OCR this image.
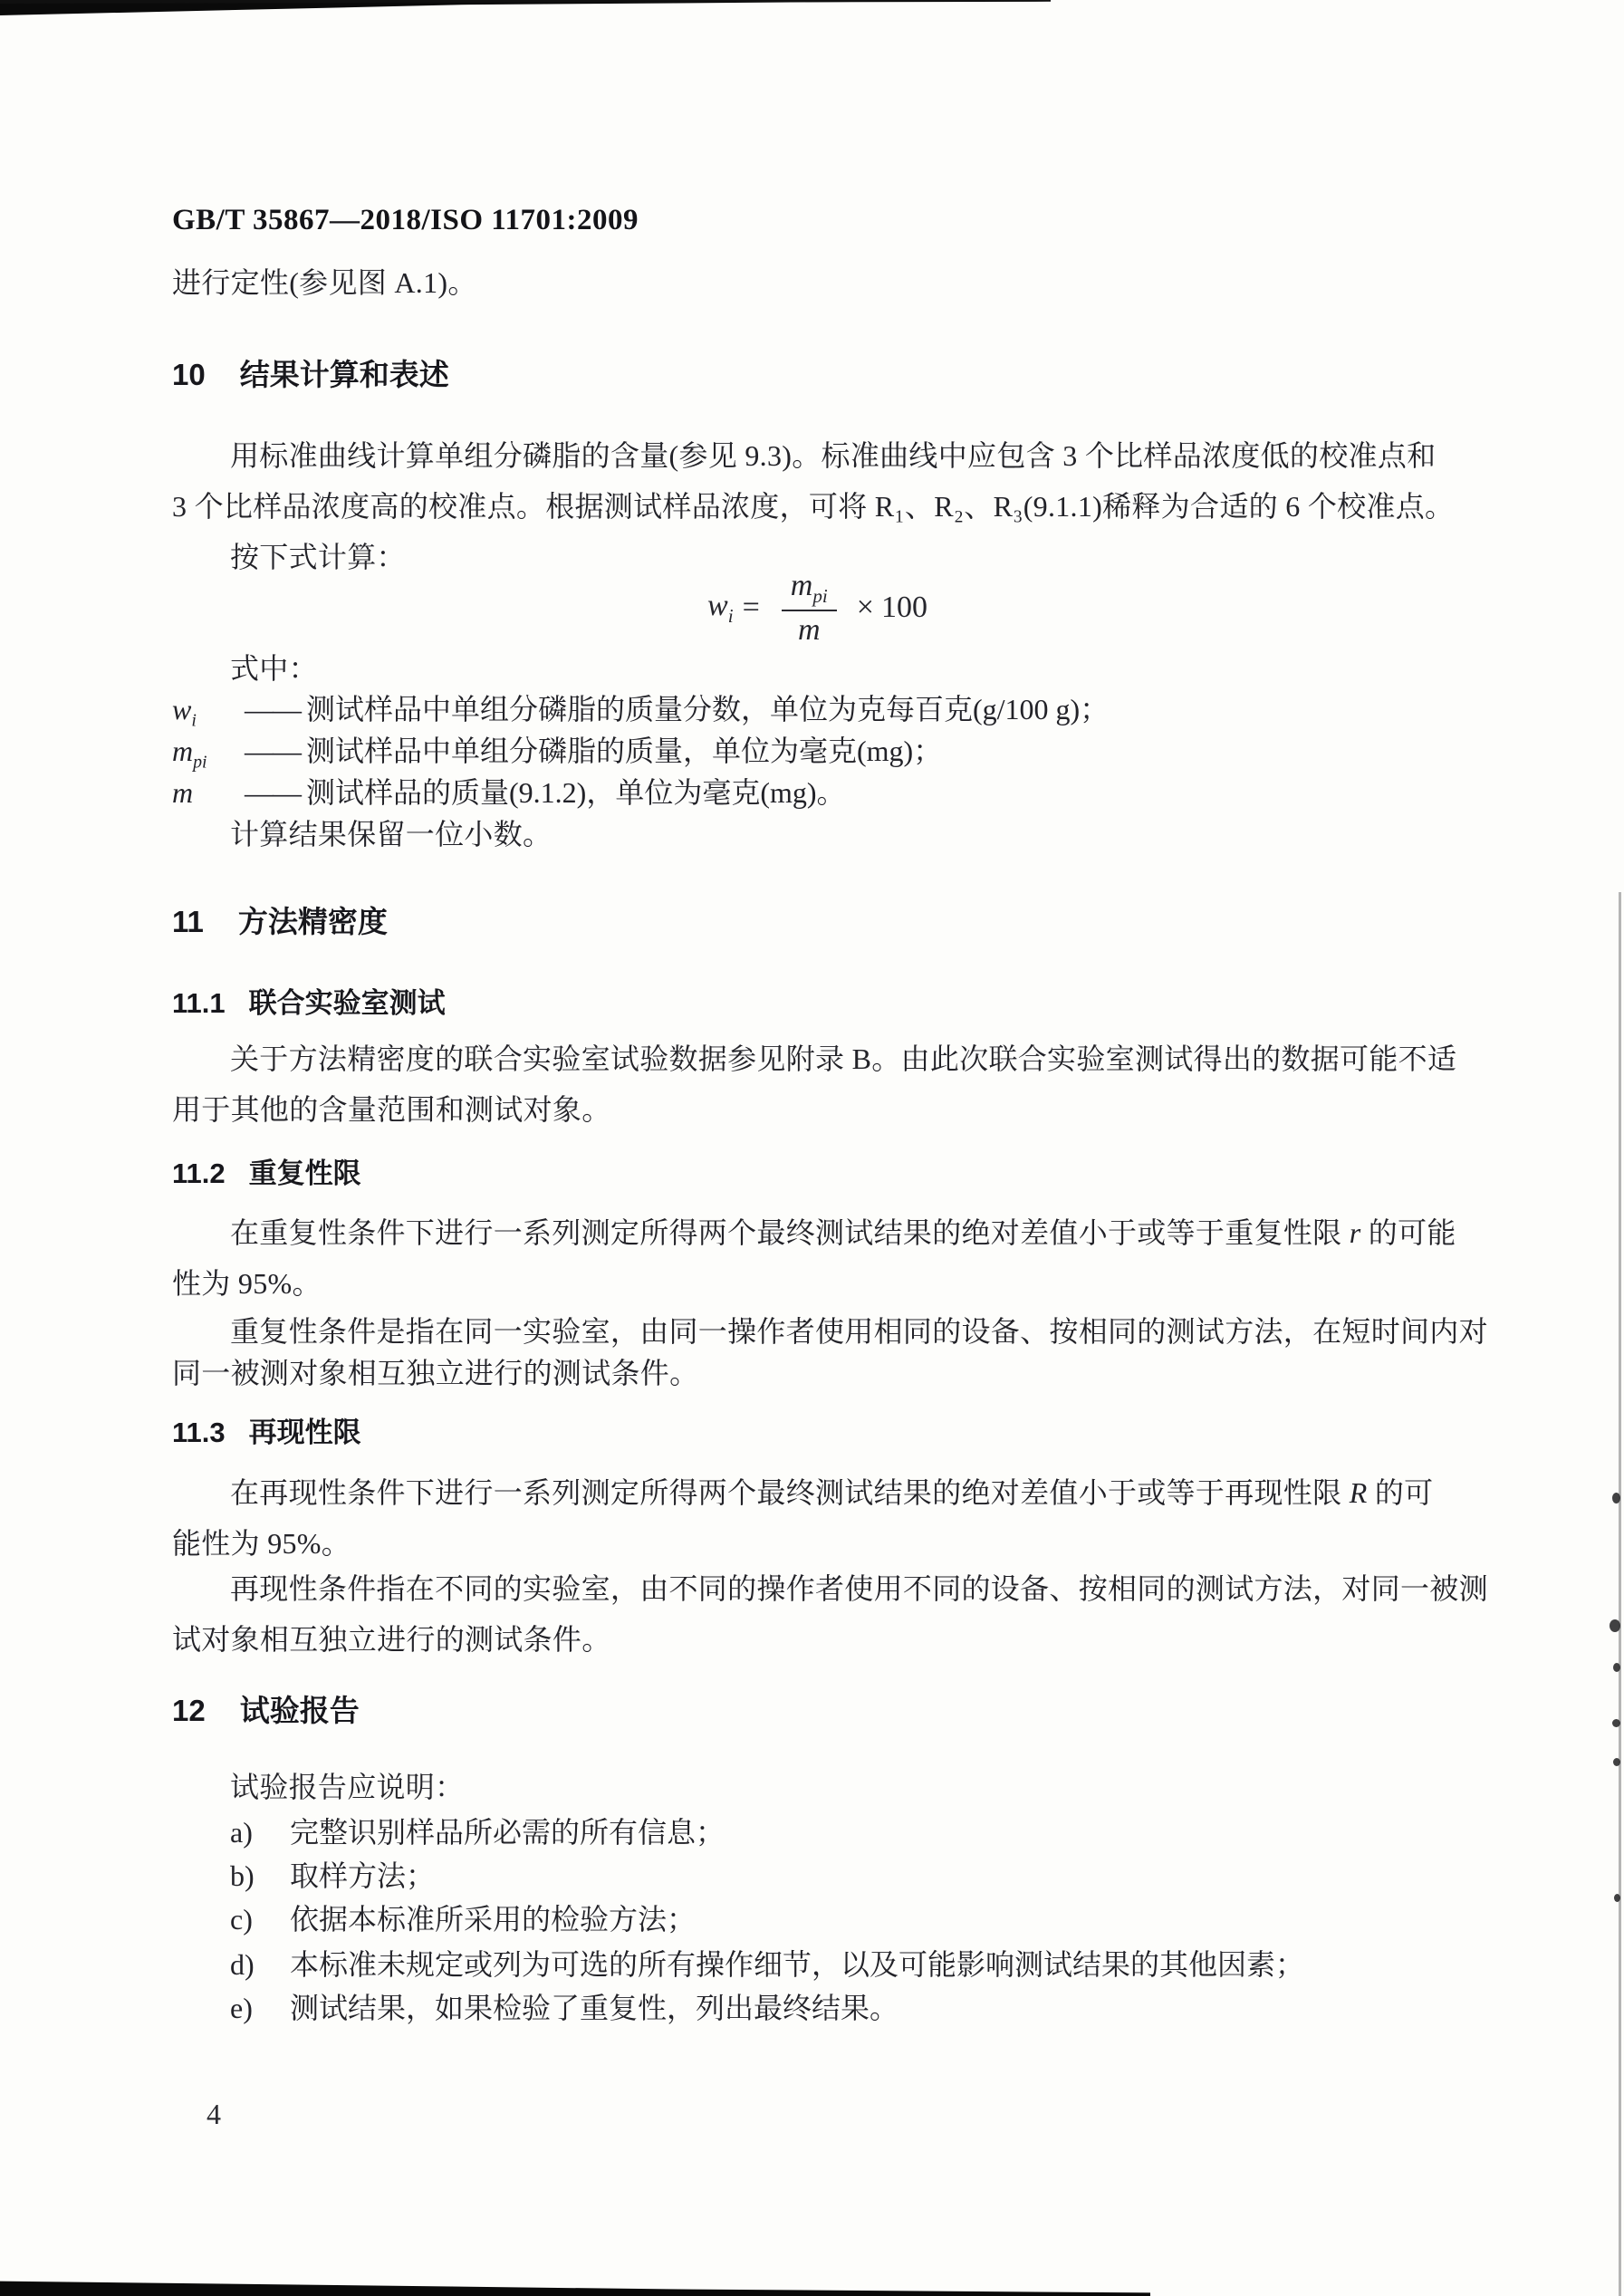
GB/T 35867—2018/ISO 11701:2009
进行定性(参见图 A.1)。
10 结果计算和表述
用标准曲线计算单组分磷脂的含量(参见 9.3)。标准曲线中应包含 3 个比样品浓度低的校准点和
3 个比样品浓度高的校准点。根据测试样品浓度，可将 R₁、R₂、R₃(9.1.1)稀释为合适的 6 个校准点。
按下式计算：
$w_i = \frac{m_{pi}}{m} \times 100$
式中：
$w_i$	—— 测试样品中单组分磷脂的质量分数，单位为克每百克(g/100 g)；
$m_{pi}$	—— 测试样品中单组分磷脂的质量，单位为毫克(mg)；
m	—— 测试样品的质量(9.1.2)，单位为毫克(mg)。
计算结果保留一位小数。
11 方法精密度
11.1 联合实验室测试
关于方法精密度的联合实验室试验数据参见附录 B。由此次联合实验室测试得出的数据可能不适
用于其他的含量范围和测试对象。
11.2 重复性限
在重复性条件下进行一系列测定所得两个最终测试结果的绝对差值小于或等于重复性限 r 的可能
性为 95%。
重复性条件是指在同一实验室，由同一操作者使用相同的设备、按相同的测试方法，在短时间内对
同一被测对象相互独立进行的测试条件。
11.3 再现性限
在再现性条件下进行一系列测定所得两个最终测试结果的绝对差值小于或等于再现性限 R 的可
能性为 95%。
再现性条件指在不同的实验室，由不同的操作者使用不同的设备、按相同的测试方法，对同一被测
试对象相互独立进行的测试条件。
12 试验报告
试验报告应说明：
a)	完整识别样品所必需的所有信息；
b)	取样方法；
c)	依据本标准所采用的检验方法；
d)	本标准未规定或列为可选的所有操作细节，以及可能影响测试结果的其他因素；
e)	测试结果，如果检验了重复性，列出最终结果。
4
